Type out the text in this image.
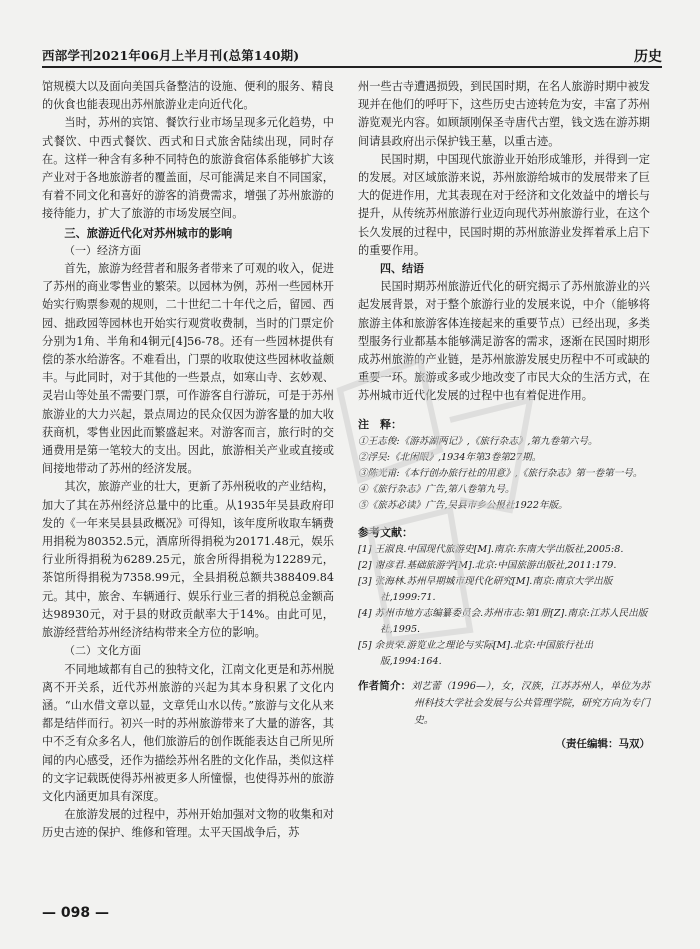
西部学刊2021年06月上半月刊(总第140期)	历史

馆规模大以及面向美国兵备整洁的设施、便利的服务、精良的伙食也能表现出苏州旅游业走向近代化。

当时，苏州的宾馆、餐饮行业市场呈现多元化趋势，中式餐饮、中西式餐饮、西式和日式旅舍陆续出现，同时存在。这样一种含有多种不同特色的旅游食宿体系能够扩大该产业对于各地旅游者的覆盖面，尽可能满足来自不同国家，有着不同文化和喜好的游客的消费需求，增强了苏州旅游的接待能力，扩大了旅游的市场发展空间。

三、旅游近代化对苏州城市的影响

（一）经济方面

首先，旅游为经营者和服务者带来了可观的收入，促进了苏州的商业零售业的繁荣。以园林为例，苏州一些园林开始实行购票参观的规则，二十世纪二十年代之后，留园、西园、拙政园等园林也开始实行观赏收费制，当时的门票定价分别为1角、半角和4铜元[4]56-78。还有一些园林提供有偿的茶水给游客。不难看出，门票的收取使这些园林收益颇丰。与此同时，对于其他的一些景点，如寒山寺、玄妙观、灵岩山等处虽不需要门票，可作游客自行游玩，可是于苏州旅游业的大力兴起，景点周边的民众仅因为游客量的加大收获商机，零售业因此而繁盛起来。对游客而言，旅行时的交通费用是第一笔较大的支出。因此，旅游相关产业或直接或间接地带动了苏州的经济发展。

其次，旅游产业的壮大，更新了苏州税收的产业结构，加大了其在苏州经济总量中的比重。从1935年吴县政府印发的《一年来吴县县政概况》可得知，该年度所收取车辆费用捐税为80352.5元，酒席所得捐税为20171.48元，娱乐行业所得捐税为6289.25元，旅舍所得捐税为12289元，茶馆所得捐税为7358.99元，全县捐税总额共388409.84元。其中，旅舍、车辆通行、娱乐行业三者的捐税总金额高达98930元，对于县的财政贡献率大于14%。由此可见，旅游经营给苏州经济结构带来全方位的影响。

（二）文化方面

不同地域都有自己的独特文化，江南文化更是和苏州脱离不开关系，近代苏州旅游的兴起为其本身积累了文化内涵。“山水借文章以显，文章凭山水以传。”旅游与文化从来都是结伴而行。初兴一时的苏州旅游带来了大量的游客，其中不乏有众多名人，他们旅游后的创作既能表达自己所见所闻的内心感受，还作为描绘苏州名胜的文化作品，类似这样的文字记载既使得苏州被更多人所憧憬，也使得苏州的旅游文化内涵更加具有深度。

在旅游发展的过程中，苏州开始加强对文物的收集和对历史古迹的保护、维修和管理。太平天国战争后，苏

州一些古寺遭遇损毁，到民国时期，在名人旅游时期中被发现并在他们的呼吁下，这些历史古迹转危为安，丰富了苏州游览观光内容。如顾颉刚保圣寺唐代古塑，钱文选在游苏期间请县政府出示保护钱王墓，以重古迹。

民国时期，中国现代旅游业开始形成雏形，并得到一定的发展。对区域旅游来说，苏州旅游给城市的发展带来了巨大的促进作用，尤其表现在对于经济和文化效益中的增长与提升，从传统苏州旅游行业迈向现代苏州旅游行业，在这个长久发展的过程中，民国时期的苏州旅游业发挥着承上启下的重要作用。

四、结语

民国时期苏州旅游近代化的研究揭示了苏州旅游业的兴起发展背景，对于整个旅游行业的发展来说，中介（能够将旅游主体和旅游客体连接起来的重要节点）已经出现，多类型服务行业都基本能够满足游客的需求，逐渐在民国时期形成苏州旅游的产业链，是苏州旅游发展史历程中不可或缺的重要一环。旅游或多或少地改变了市民大众的生活方式，在苏州城市近代化发展的过程中也有着促进作用。

注　释：
①王志俊:《游苏湖两记》,《旅行杂志》,第九卷第六号。
②浮吴:《北闲眼》,1934年第3卷第27期。
③陈光甫:《本行创办旅行社的用意》,《旅行杂志》第一卷第一号。
④《旅行杂志》广告,第八卷第九号。
⑤《旅苏必读》广告,吴县市乡公报社1922年版。
参考文献：
[1] 王淑良.中国现代旅游史[M].南京:东南大学出版社,2005:8.
[2] 谢彦君.基础旅游学[M].北京:中国旅游出版社,2011:179.
[3] 张海林.苏州早期城市现代化研究[M].南京:南京大学出版社,1999:71.
[4] 苏州市地方志编纂委员会.苏州市志:第1册[Z].南京:江苏人民出版社,1995.
[5] 余贵荣.游览业之理论与实际[M].北京:中国旅行社出版,1994:164.
作者简介：刘艺蕾（1996—），女，汉族，江苏苏州人，单位为苏州科技大学社会发展与公共管理学院，研究方向为专门史。
（责任编辑：马双）
— 098 —
